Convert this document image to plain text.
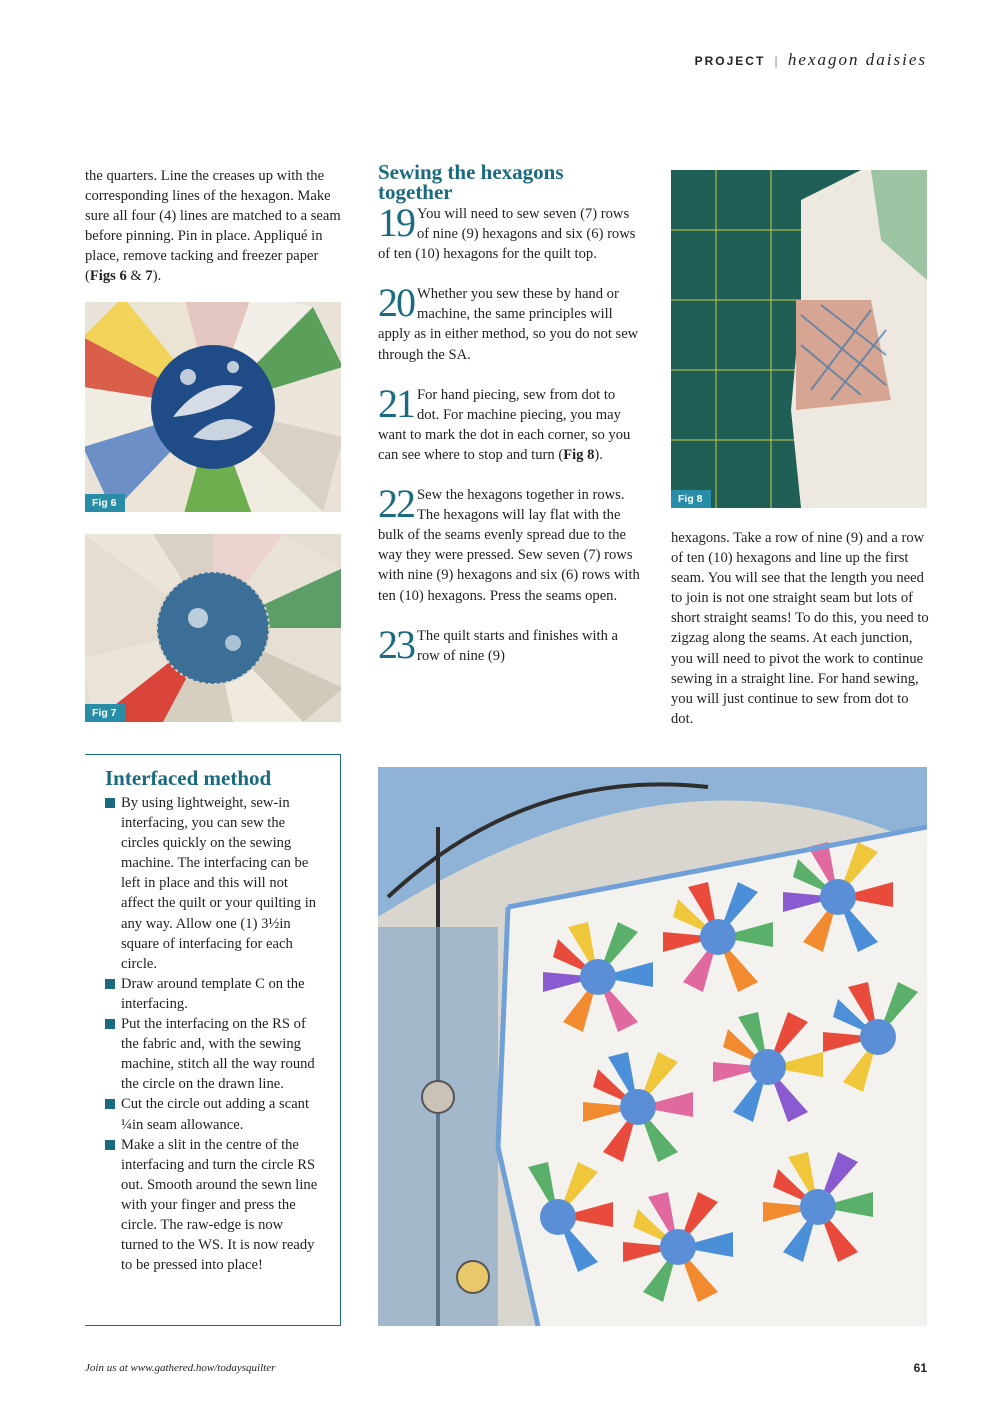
PROJECT | hexagon daisies
the quarters. Line the creases up with the corresponding lines of the hexagon. Make sure all four (4) lines are matched to a seam before pinning. Pin in place. Appliqué in place, remove tacking and freezer paper (Figs 6 & 7).
Fig 6
Fig 7
Sewing the hexagons together
19 You will need to sew seven (7) rows of nine (9) hexagons and six (6) rows of ten (10) hexagons for the quilt top.

20 Whether you sew these by hand or machine, the same principles will apply as in either method, so you do not sew through the SA.

21 For hand piecing, sew from dot to dot. For machine piecing, you may want to mark the dot in each corner, so you can see where to stop and turn (Fig 8).

22 Sew the hexagons together in rows. The hexagons will lay flat with the bulk of the seams evenly spread due to the way they were pressed. Sew seven (7) rows with nine (9) hexagons and six (6) rows with ten (10) hexagons. Press the seams open.

23 The quilt starts and finishes with a row of nine (9)

Fig 8
hexagons. Take a row of nine (9) and a row of ten (10) hexagons and line up the first seam. You will see that the length you need to join is not one straight seam but lots of short straight seams! To do this, you need to zigzag along the seams. At each junction, you will need to pivot the work to continue sewing in a straight line. For hand sewing, you will just continue to sew from dot to dot.
Interfaced method
By using lightweight, sew-in interfacing, you can sew the circles quickly on the sewing machine. The interfacing can be left in place and this will not affect the quilt or your quilting in any way. Allow one (1) 3½in square of interfacing for each circle.
Draw around template C on the interfacing.
Put the interfacing on the RS of the fabric and, with the sewing machine, stitch all the way round the circle on the drawn line.
Cut the circle out adding a scant ¼in seam allowance.
Make a slit in the centre of the interfacing and turn the circle RS out. Smooth around the sewn line with your finger and press the circle. The raw-edge is now turned to the WS. It is now ready to be pressed into place!
Join us at www.gathered.how/todaysquilter	61
